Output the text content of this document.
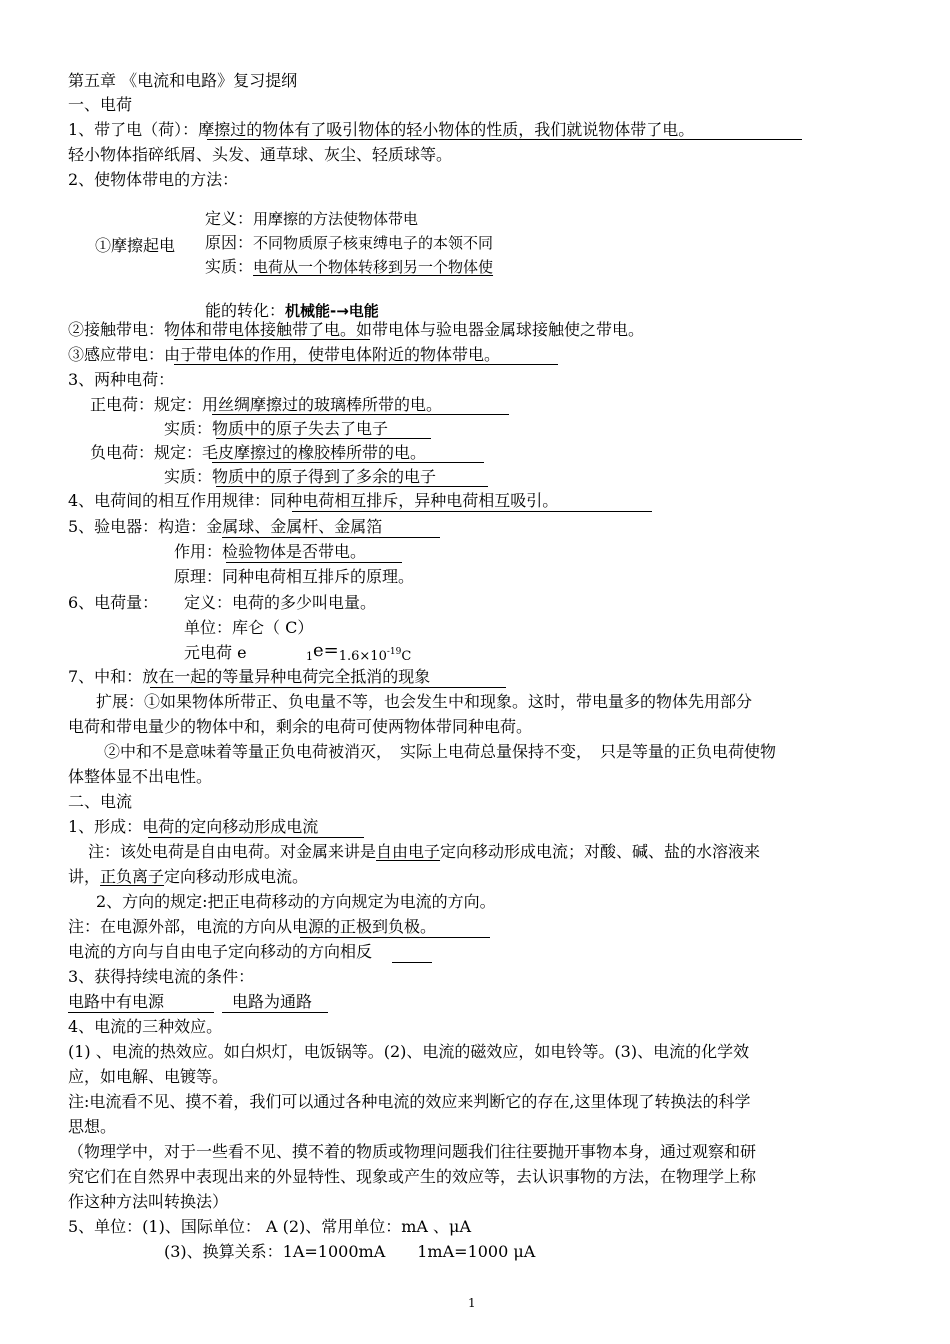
第五章 《电流和电路》复习提纲
一、电荷
1、带了电（荷）：摩擦过的物体有了吸引物体的轻小物体的性质，我们就说物体带了电。
轻小物体指碎纸屑、头发、通草球、灰尘、轻质球等。
2、使物体带电的方法：
①摩擦起电
定义：用摩擦的方法使物体带电
原因：不同物质原子核束缚电子的本领不同
实质：电荷从一个物体转移到另一个物体使
能的转化：机械能-→电能
②接触带电：物体和带电体接触带了电。如带电体与验电器金属球接触使之带电。
③感应带电：由于带电体的作用，使带电体附近的物体带电。
3、两种电荷：
正电荷：规定：用丝绸摩擦过的玻璃棒所带的电。
实质：物质中的原子失去了电子
负电荷：规定：毛皮摩擦过的橡胶棒所带的电。
实质：物质中的原子得到了多余的电子
4、电荷间的相互作用规律：同种电荷相互排斥，异种电荷相互吸引。
5、验电器：构造：金属球、金属杆、金属箔
作用：检验物体是否带电。
原理：同种电荷相互排斥的原理。
6、电荷量： 定义：电荷的多少叫电量。
单位：库仑（ C）
元电荷 e	$1e=1.6\times 10^{-19}C$
7、中和：放在一起的等量异种电荷完全抵消的现象
扩展：①如果物体所带正、负电量不等，也会发生中和现象。这时，带电量多的物体先用部分
电荷和带电量少的物体中和，剩余的电荷可使两物体带同种电荷。
②中和不是意味着等量正负电荷被消灭，　实际上电荷总量保持不变，　只是等量的正负电荷使物
体整体显不出电性。
二、电流
1、形成：电荷的定向移动形成电流
注：该处电荷是自由电荷。对金属来讲是自由电子定向移动形成电流；对酸、碱、盐的水溶液来
讲，正负离子定向移动形成电流。
2、方向的规定:把正电荷移动的方向规定为电流的方向。
注：在电源外部，电流的方向从电源的正极到负极。
电流的方向与自由电子定向移动的方向相反
3、获得持续电流的条件：
电路中有电源	电路为通路
4、电流的三种效应。
(1) 、电流的热效应。如白炽灯，电饭锅等。(2)、电流的磁效应，如电铃等。(3)、电流的化学效
应，如电解、电镀等。
注:电流看不见、摸不着，我们可以通过各种电流的效应来判断它的存在,这里体现了转换法的科学
思想。
（物理学中，对于一些看不见、摸不着的物质或物理问题我们往往要抛开事物本身，通过观察和研
究它们在自然界中表现出来的外显特性、现象或产生的效应等，去认识事物的方法，在物理学上称
作这种方法叫转换法）
5、单位：(1)、国际单位： A (2)、常用单位：mA 、μA
(3)、换算关系：1A=1000mA　　1mA=1000 μA
1
